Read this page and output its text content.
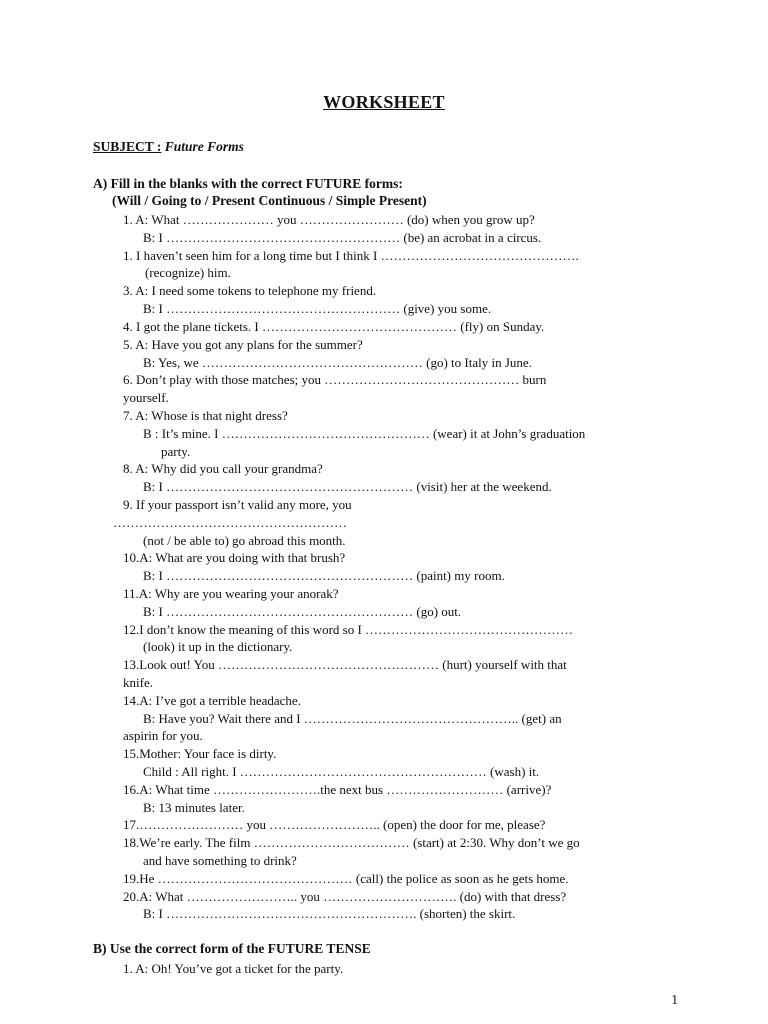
WORKSHEET
SUBJECT : Future Forms
A) Fill in the blanks with the correct FUTURE forms:
(Will / Going to / Present Continuous / Simple Present)
1. A: What ………………… you …………………… (do) when you grow up?
B: I ……………………………………………… (be) an acrobat in a circus.
1. I haven’t seen him for a long time but I think I ……………………………………….
(recognize) him.
3. A: I need some tokens to telephone my friend.
B: I ……………………………………………… (give) you some.
4. I got the plane tickets. I ……………………………………… (fly) on Sunday.
5. A: Have you got any plans for the summer?
B: Yes, we …………………………………………… (go) to Italy in June.
6. Don’t play with those matches; you ……………………………………… burn
yourself.
7. A: Whose is that night dress?
B : It’s mine. I ………………………………………… (wear) it at John’s graduation
party.
8. A: Why did you call your grandma?
B: I ………………………………………………… (visit) her at the weekend.
9. If your passport isn’t valid any more, you
………………………………………………
(not / be able to) go abroad this month.
10.A: What are you doing with that brush?
B: I ………………………………………………… (paint) my room.
11.A: Why are you wearing your anorak?
B: I ………………………………………………… (go) out.
12.I don’t know the meaning of this word so I …………………………………………
(look) it up in the dictionary.
13.Look out! You …………………………………………… (hurt) yourself with that
knife.
14.A: I’ve got a terrible headache.
B: Have you? Wait there and I ………………………………………….. (get) an
aspirin for you.
15.Mother: Your face is dirty.
Child : All right. I ………………………………………………… (wash) it.
16.A: What time …………………….the next bus ……………………… (arrive)?
B: 13 minutes later.
17.…………………… you …………………….. (open) the door for me, please?
18.We’re early. The film ……………………………… (start) at 2:30. Why don’t we go
and have something to drink?
19.He ……………………………………… (call) the police as soon as he gets home.
20.A: What …………………….. you …………………………. (do) with that dress?
B: I …………………………………………………. (shorten) the skirt.
B) Use the correct form of the FUTURE TENSE
1. A: Oh! You’ve got a ticket for the party.
1
